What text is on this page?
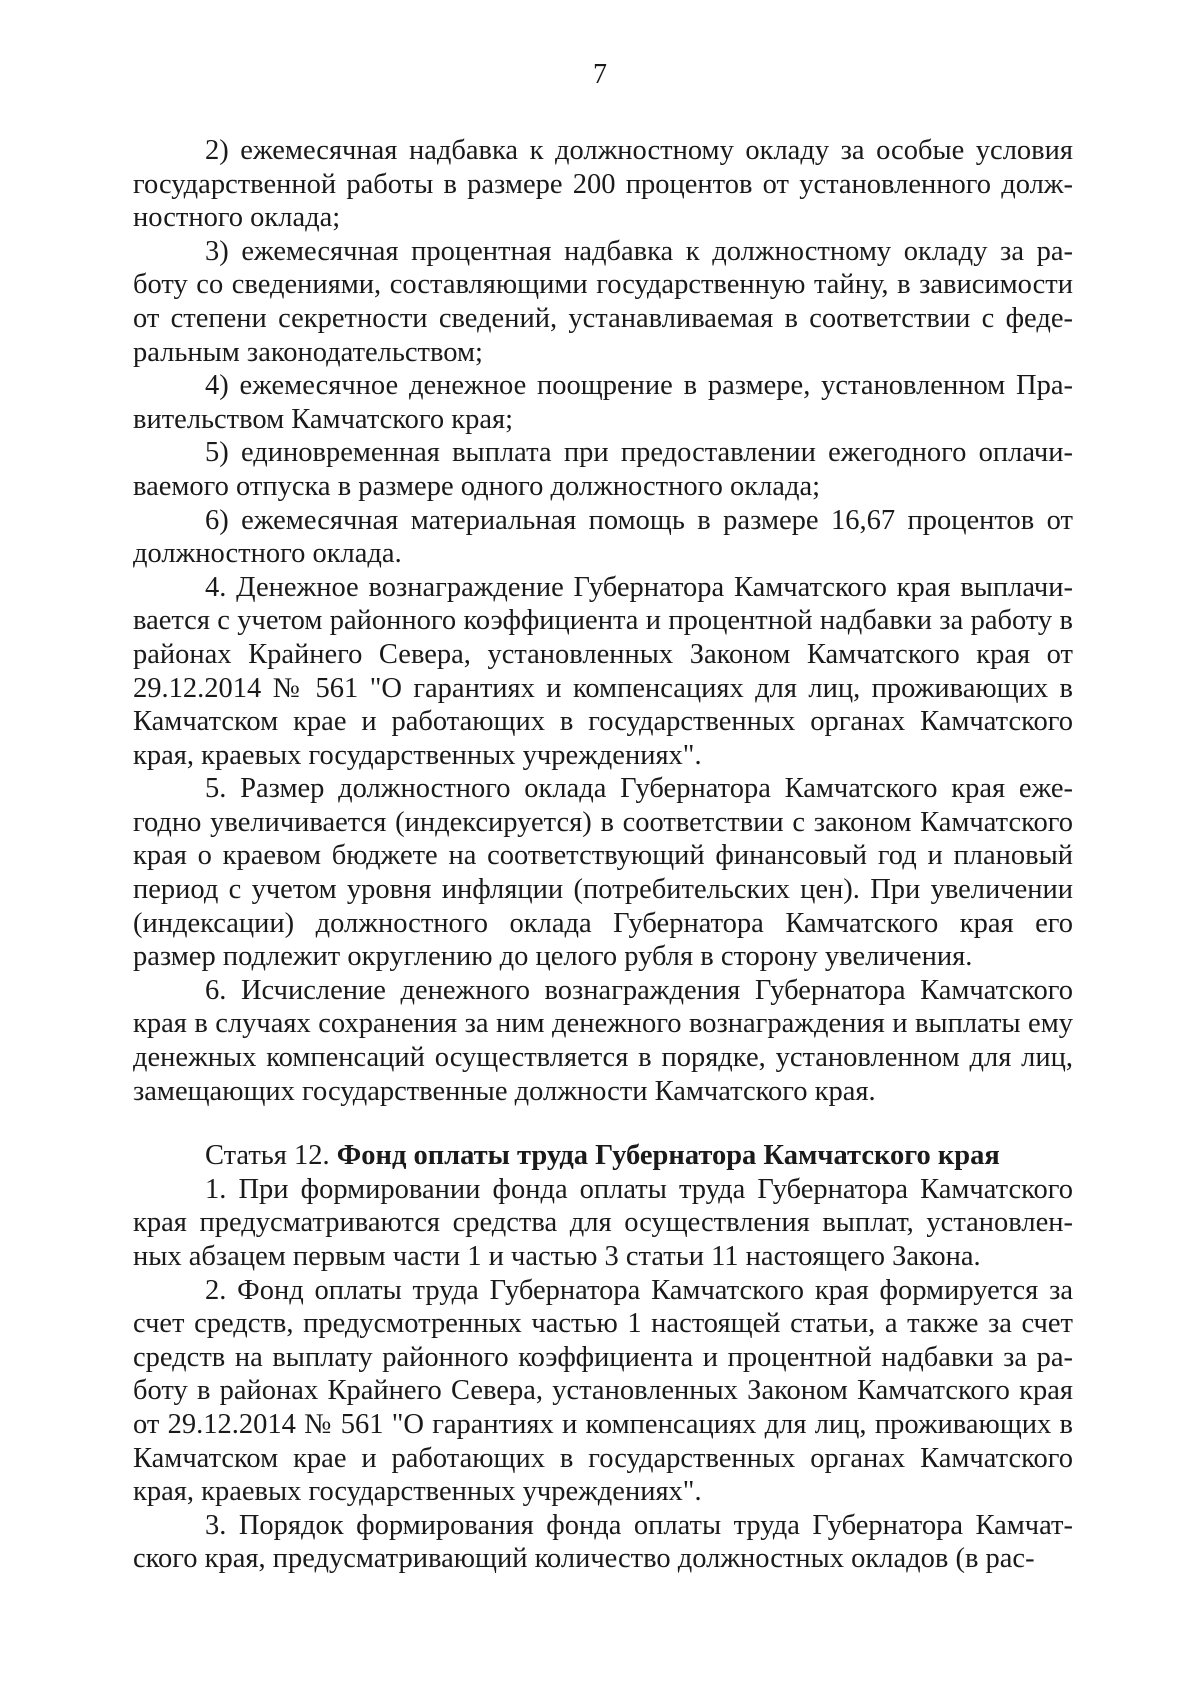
7

2) ежемесячная надбавка к должностному окладу за особые условия государственной работы в размере 200 процентов от установленного должностного оклада;

3) ежемесячная процентная надбавка к должностному окладу за работу со сведениями, составляющими государственную тайну, в зависимости от степени секретности сведений, устанавливаемая в соответствии с федеральным законодательством;

4) ежемесячное денежное поощрение в размере, установленном Правительством Камчатского края;

5) единовременная выплата при предоставлении ежегодного оплачиваемого отпуска в размере одного должностного оклада;

6) ежемесячная материальная помощь в размере 16,67 процентов от должностного оклада.

4. Денежное вознаграждение Губернатора Камчатского края выплачивается с учетом районного коэффициента и процентной надбавки за работу в районах Крайнего Севера, установленных Законом Камчатского края от 29.12.2014 № 561 "О гарантиях и компенсациях для лиц, проживающих в Камчатском крае и работающих в государственных органах Камчатского края, краевых государственных учреждениях".

5. Размер должностного оклада Губернатора Камчатского края ежегодно увеличивается (индексируется) в соответствии с законом Камчатского края о краевом бюджете на соответствующий финансовый год и плановый период с учетом уровня инфляции (потребительских цен). При увеличении (индексации) должностного оклада Губернатора Камчатского края его размер подлежит округлению до целого рубля в сторону увеличения.

6. Исчисление денежного вознаграждения Губернатора Камчатского края в случаях сохранения за ним денежного вознаграждения и выплаты ему денежных компенсаций осуществляется в порядке, установленном для лиц, замещающих государственные должности Камчатского края.

Статья 12. Фонд оплаты труда Губернатора Камчатского края

1. При формировании фонда оплаты труда Губернатора Камчатского края предусматриваются средства для осуществления выплат, установленных абзацем первым части 1 и частью 3 статьи 11 настоящего Закона.

2. Фонд оплаты труда Губернатора Камчатского края формируется за счет средств, предусмотренных частью 1 настоящей статьи, а также за счет средств на выплату районного коэффициента и процентной надбавки за работу в районах Крайнего Севера, установленных Законом Камчатского края от 29.12.2014 № 561 "О гарантиях и компенсациях для лиц, проживающих в Камчатском крае и работающих в государственных органах Камчатского края, краевых государственных учреждениях".

3. Порядок формирования фонда оплаты труда Губернатора Камчатского края, предусматривающий количество должностных окладов (в рас-
